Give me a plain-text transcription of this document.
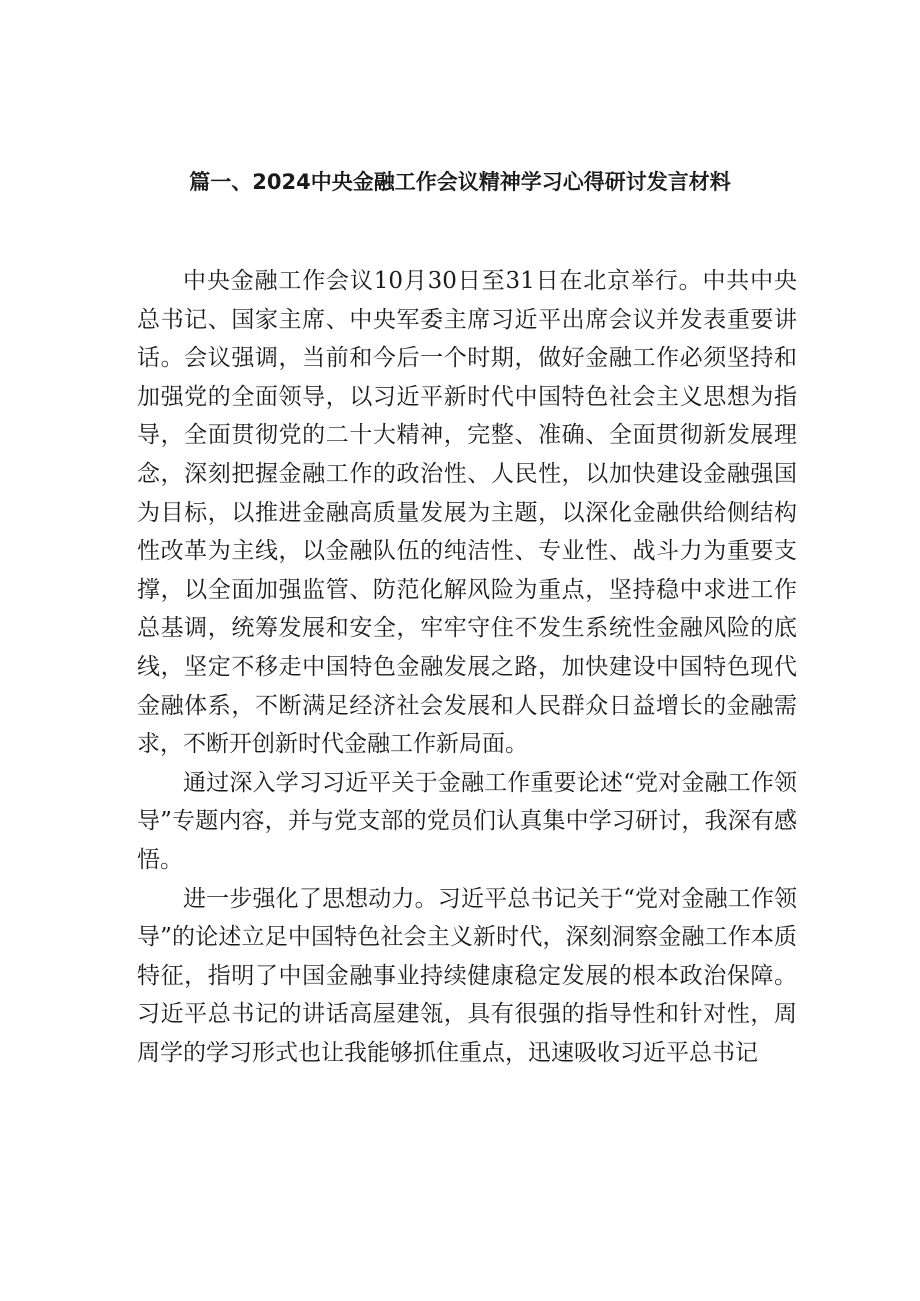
篇一、2024中央金融工作会议精神学习心得研讨发言材料

中央金融工作会议10月30日至31日在北京举行。中共中央总书记、国家主席、中央军委主席习近平出席会议并发表重要讲话。会议强调，当前和今后一个时期，做好金融工作必须坚持和加强党的全面领导，以习近平新时代中国特色社会主义思想为指导，全面贯彻党的二十大精神，完整、准确、全面贯彻新发展理念，深刻把握金融工作的政治性、人民性，以加快建设金融强国为目标，以推进金融高质量发展为主题，以深化金融供给侧结构性改革为主线，以金融队伍的纯洁性、专业性、战斗力为重要支撑，以全面加强监管、防范化解风险为重点，坚持稳中求进工作总基调，统筹发展和安全，牢牢守住不发生系统性金融风险的底线，坚定不移走中国特色金融发展之路，加快建设中国特色现代金融体系，不断满足经济社会发展和人民群众日益增长的金融需求，不断开创新时代金融工作新局面。

通过深入学习习近平关于金融工作重要论述“党对金融工作领导”专题内容，并与党支部的党员们认真集中学习研讨，我深有感悟。

进一步强化了思想动力。习近平总书记关于“党对金融工作领导”的论述立足中国特色社会主义新时代，深刻洞察金融工作本质特征，指明了中国金融事业持续健康稳定发展的根本政治保障。习近平总书记的讲话高屋建瓴，具有很强的指导性和针对性，周周学的学习形式也让我能够抓住重点，迅速吸收习近平总书记
